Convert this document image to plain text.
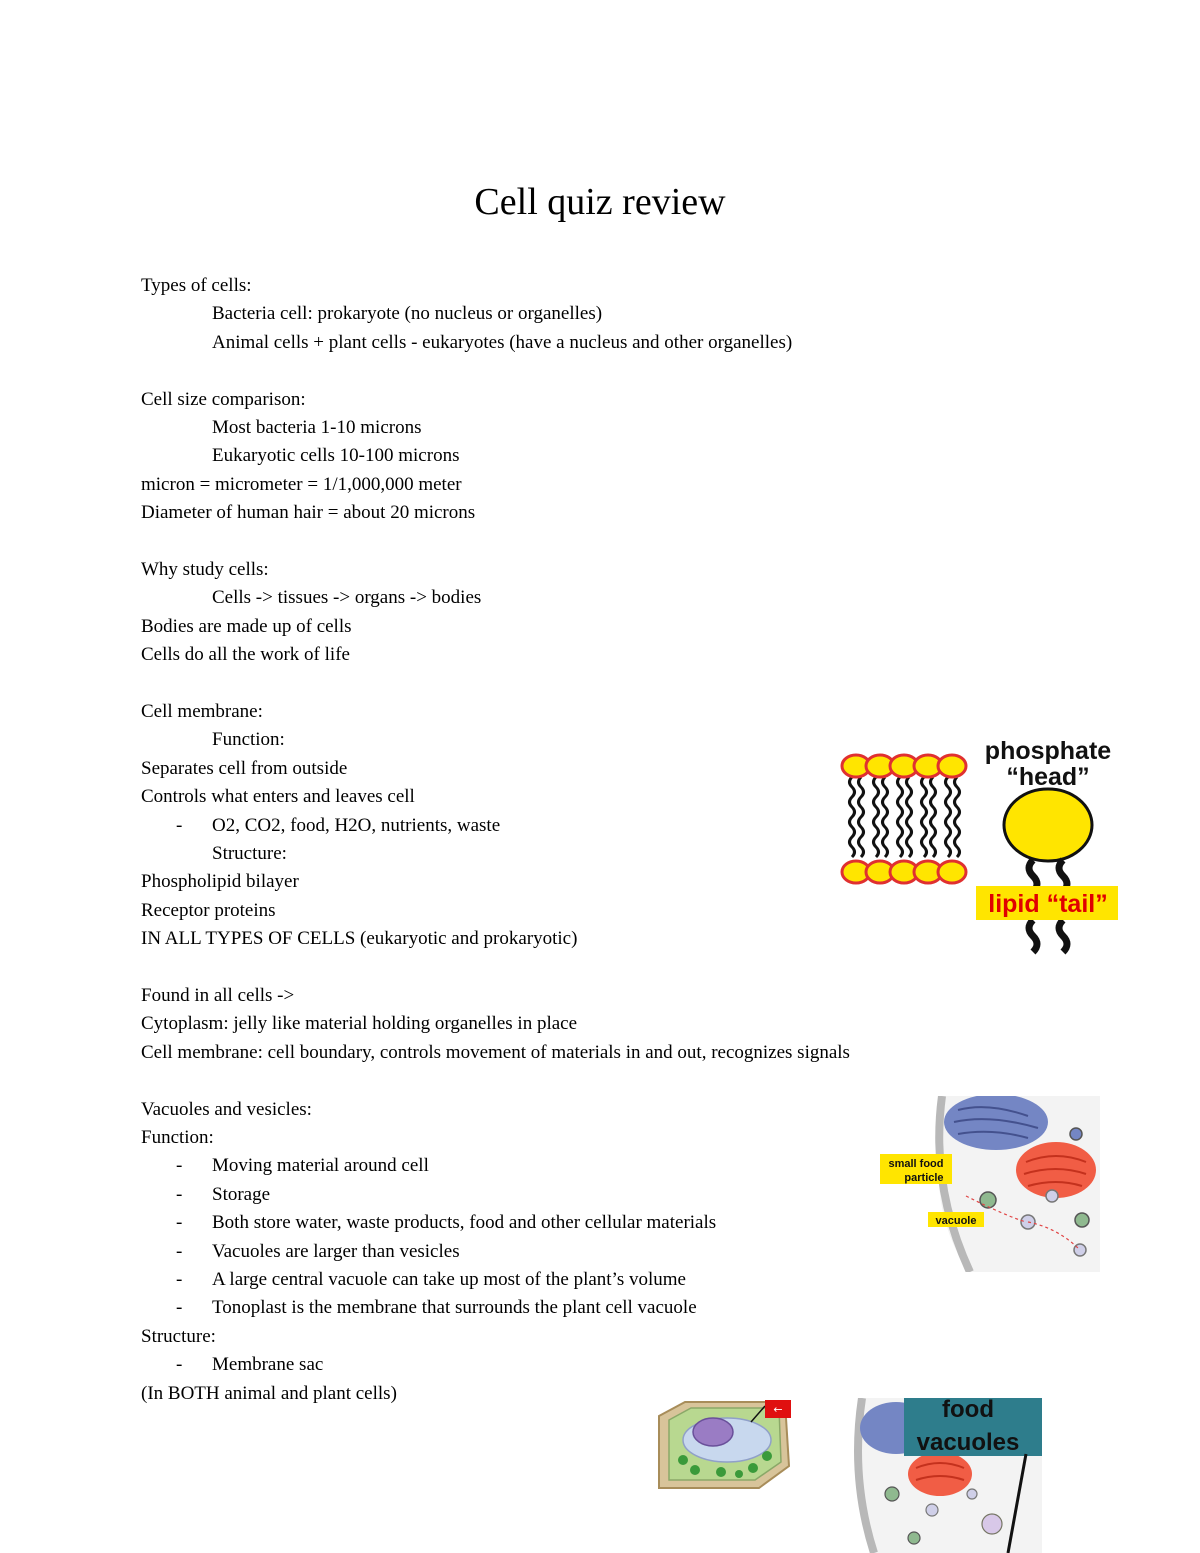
Cell quiz review
Types of cells:
Bacteria cell: prokaryote (no nucleus or organelles)
Animal cells + plant cells - eukaryotes (have a nucleus and other organelles)
Cell size comparison:
Most bacteria 1-10 microns
Eukaryotic cells 10-100 microns
micron = micrometer = 1/1,000,000 meter
Diameter of human hair = about 20 microns
Why study cells:
Cells -> tissues -> organs -> bodies
Bodies are made up of cells
Cells do all the work of life
Cell membrane:
Function:
Separates cell from outside
Controls what enters and leaves cell
- O2, CO2, food, H2O, nutrients, waste
Structure:
Phospholipid bilayer
Receptor proteins
IN ALL TYPES OF CELLS (eukaryotic and prokaryotic)
Found in all cells ->
Cytoplasm: jelly like material holding organelles in place
Cell membrane: cell boundary, controls movement of materials in and out, recognizes signals
Vacuoles and vesicles:
Function:
- Moving material around cell
- Storage
- Both store water, waste products, food and other cellular materials
- Vacuoles are larger than vesicles
- A large central vacuole can take up most of the plant’s volume
- Tonoplast is the membrane that surrounds the plant cell vacuole
Structure:
- Membrane sac
(In BOTH animal and plant cells)
phosphate
“head”
lipid “tail”
small food
particle
vacuole
←	food
vacuoles
